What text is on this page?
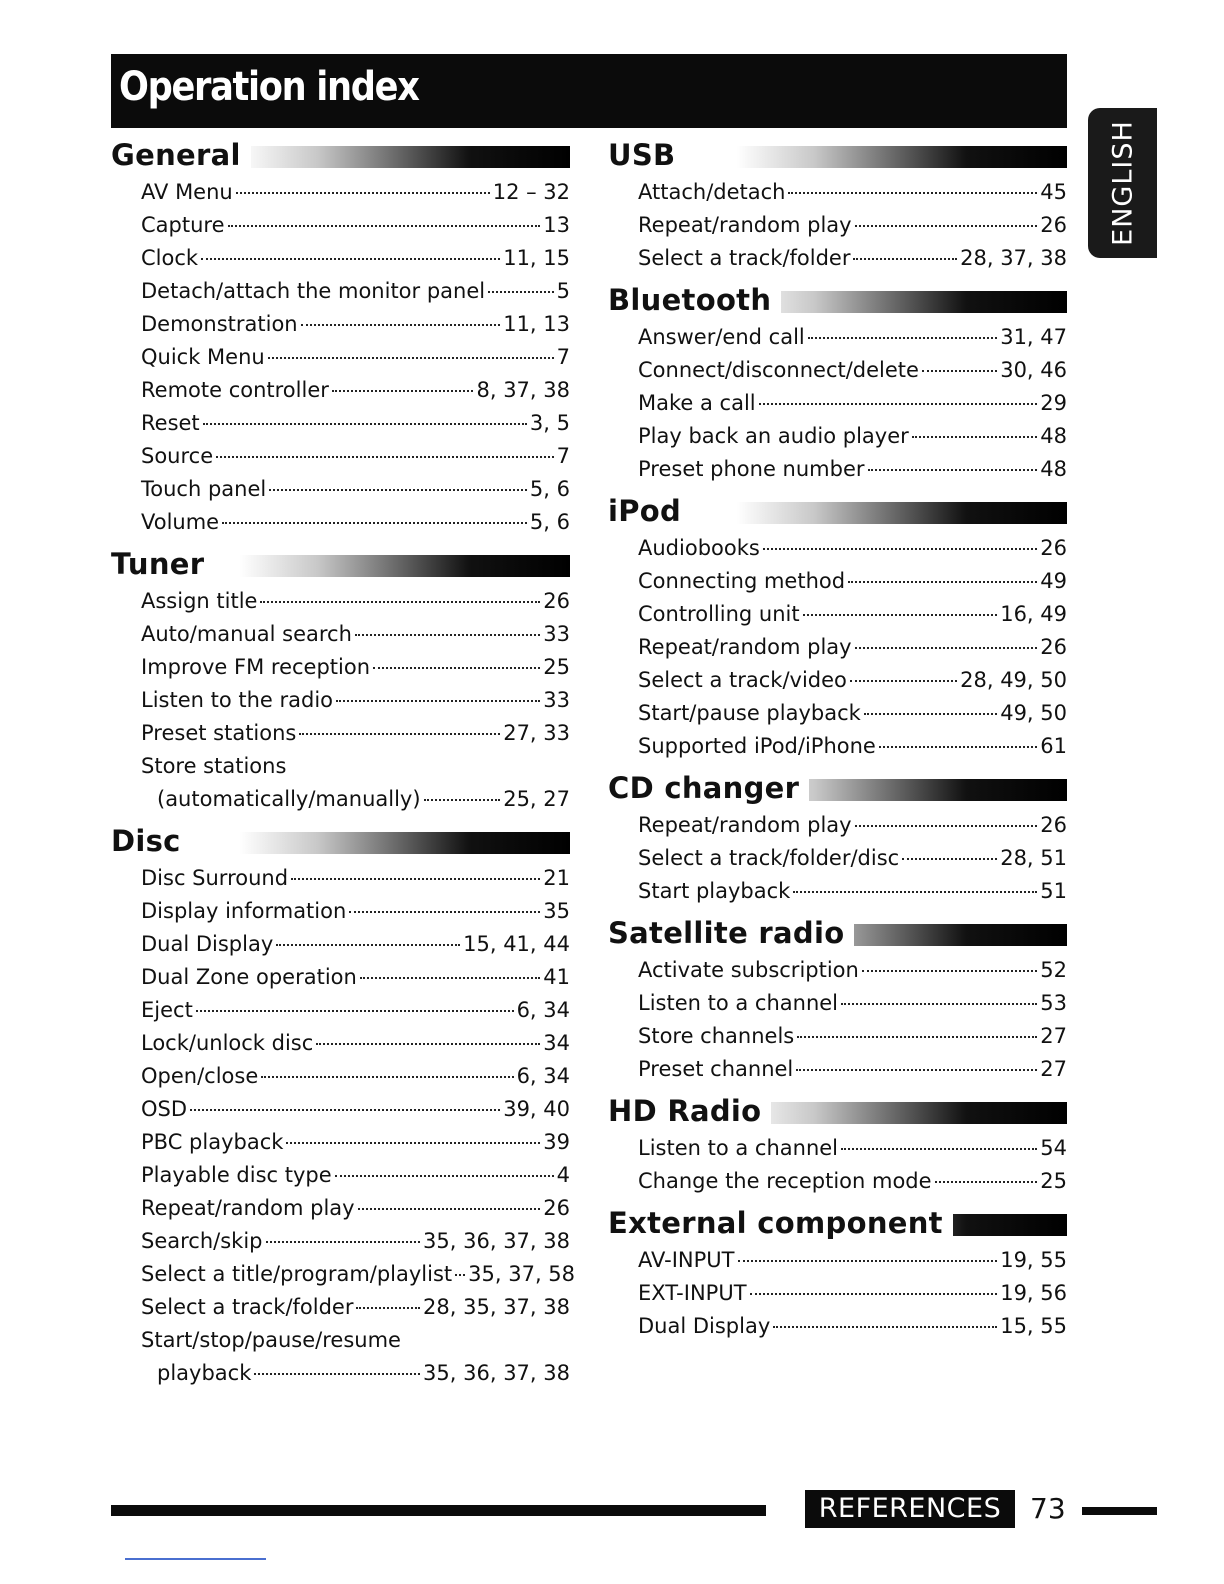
Operation index
ENGLISH
General
AV Menu	12 – 32
Capture	13
Clock	11, 15
Detach/attach the monitor panel	5
Demonstration	11, 13
Quick Menu	7
Remote controller	8, 37, 38
Reset	3, 5
Source	7
Touch panel	5, 6
Volume	5, 6
Tuner
Assign title	26
Auto/manual search	33
Improve FM reception	25
Listen to the radio	33
Preset stations	27, 33
Store stations
(automatically/manually)	25, 27
Disc
Disc Surround	21
Display information	35
Dual Display	15, 41, 44
Dual Zone operation	41
Eject	6, 34
Lock/unlock disc	34
Open/close	6, 34
OSD	39, 40
PBC playback	39
Playable disc type	4
Repeat/random play	26
Search/skip	35, 36, 37, 38
Select a title/program/playlist 35, 37, 58
Select a track/folder	28, 35, 37, 38
Start/stop/pause/resume
playback	35, 36, 37, 38
USB
Attach/detach	45
Repeat/random play	26
Select a track/folder	28, 37, 38
Bluetooth
Answer/end call	31, 47
Connect/disconnect/delete	30, 46
Make a call	29
Play back an audio player	48
Preset phone number	48
iPod
Audiobooks	26
Connecting method	49
Controlling unit	16, 49
Repeat/random play	26
Select a track/video	28, 49, 50
Start/pause playback	49, 50
Supported iPod/iPhone	61
CD changer
Repeat/random play	26
Select a track/folder/disc	28, 51
Start playback	51
Satellite radio
Activate subscription	52
Listen to a channel	53
Store channels	27
Preset channel	27
HD Radio
Listen to a channel	54
Change the reception mode	25
External component
AV-INPUT	19, 55
EXT-INPUT	19, 56
Dual Display	15, 55
REFERENCES	73
